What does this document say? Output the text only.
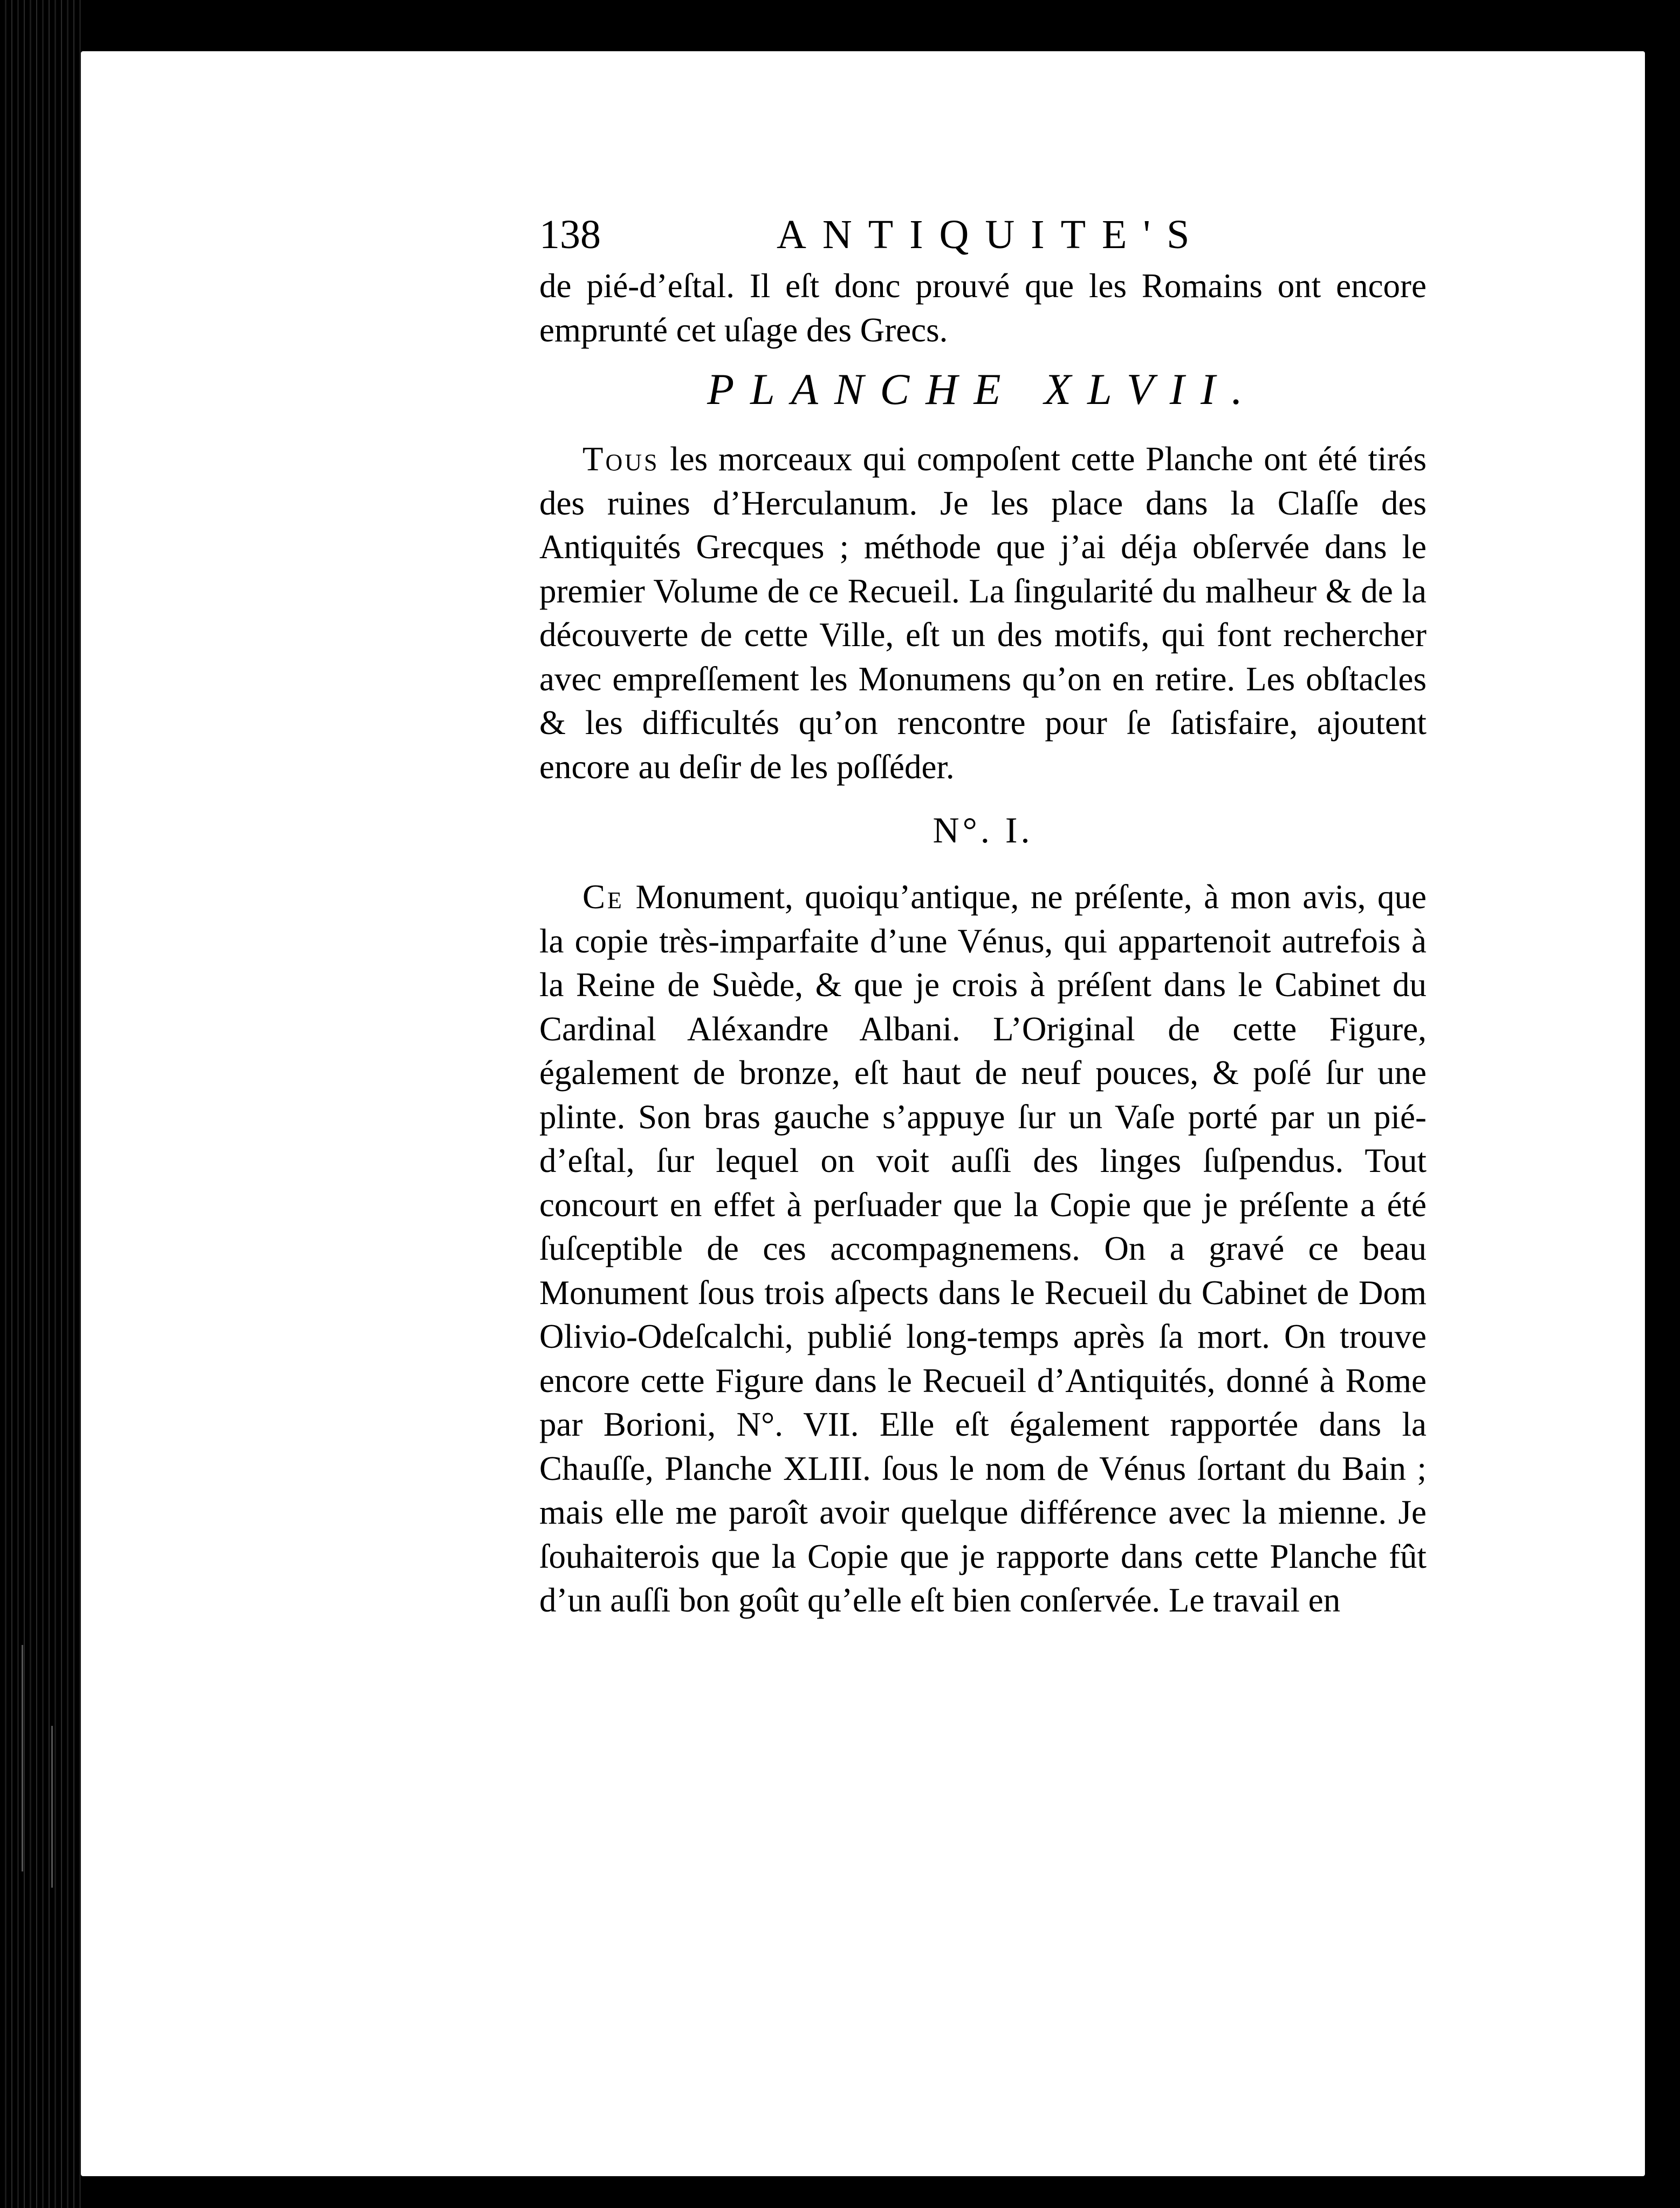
138	ANTIQUITE'S

de pié-d’eſtal. Il eſt donc prouvé que les Romains ont encore emprunté cet uſage des Grecs.

PLANCHE XLVII.

Tous les morceaux qui compoſent cette Planche ont été tirés des ruines d’Herculanum. Je les place dans la Claſſe des Antiquités Grecques ; méthode que j’ai déja obſervée dans le premier Volume de ce Recueil. La ſingularité du malheur & de la découverte de cette Ville, eſt un des motifs, qui font rechercher avec empreſſement les Monumens qu’on en retire. Les obſtacles & les difficultés qu’on rencontre pour ſe ſatisfaire, ajoutent encore au deſir de les poſſéder.

N°. I.

Ce Monument, quoiqu’antique, ne préſente, à mon avis, que la copie très-imparfaite d’une Vénus, qui appartenoit autrefois à la Reine de Suède, & que je crois à préſent dans le Cabinet du Cardinal Aléxandre Albani. L’Original de cette Figure, également de bronze, eſt haut de neuf pouces, & poſé ſur une plinte. Son bras gauche s’appuye ſur un Vaſe porté par un pié-d’eſtal, ſur lequel on voit auſſi des linges ſuſpendus. Tout concourt en effet à perſuader que la Copie que je préſente a été ſuſceptible de ces accompagnemens. On a gravé ce beau Monument ſous trois aſpects dans le Recueil du Cabinet de Dom Olivio-Odeſcalchi, publié long-temps après ſa mort. On trouve encore cette Figure dans le Recueil d’Antiquités, donné à Rome par Borioni, N°. VII. Elle eſt également rapportée dans la Chauſſe, Planche XLIII. ſous le nom de Vénus ſortant du Bain ; mais elle me paroît avoir quelque différence avec la mienne. Je ſouhaiterois que la Copie que je rapporte dans cette Planche fût d’un auſſi bon goût qu’elle eſt bien conſervée. Le travail en
